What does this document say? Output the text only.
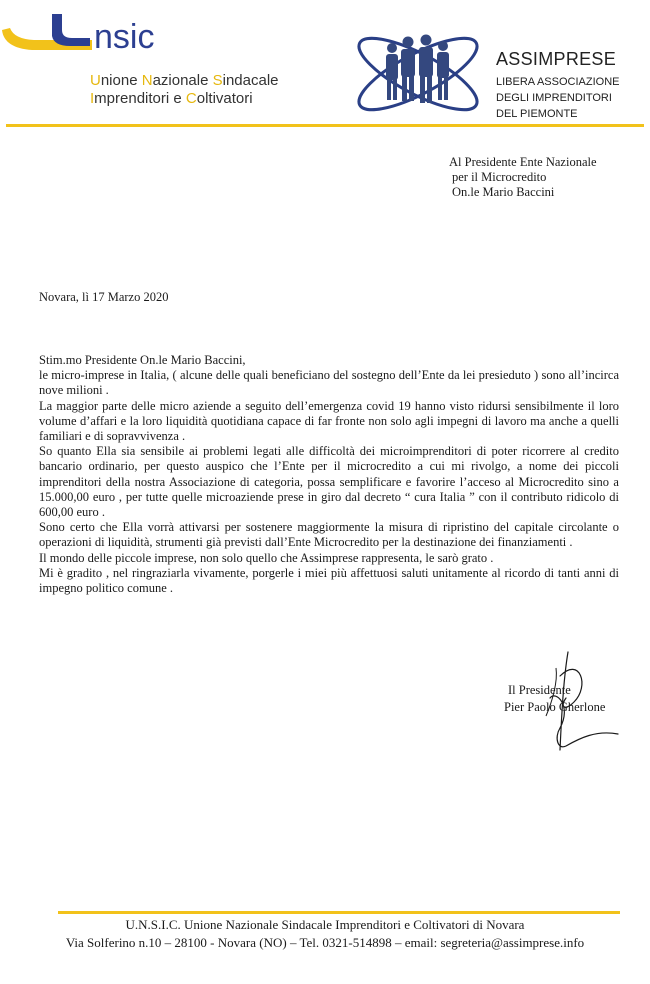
nsic
Unione Nazionale Sindacale
Imprenditori e Coltivatori
ASSIMPRESE
LIBERA ASSOCIAZIONE
DEGLI IMPRENDITORI
DEL PIEMONTE
Al Presidente Ente Nazionale
per il Microcredito
On.le Mario Baccini
Novara, lì 17 Marzo 2020

Stim.mo Presidente On.le Mario Baccini,

le micro-imprese in Italia, ( alcune delle quali beneficiano del sostegno dell’Ente da lei presieduto ) sono all’incirca nove milioni .

La maggior parte delle micro aziende a seguito dell’emergenza covid 19 hanno visto ridursi sensibilmente il loro volume d’affari e la loro liquidità quotidiana capace di far fronte non solo agli impegni di lavoro ma anche a quelli familiari e di sopravvivenza .

So quanto Ella sia sensibile ai problemi legati alle difficoltà dei microimprenditori di poter ricorrere al credito bancario ordinario, per questo auspico che l’Ente per il microcredito a cui mi rivolgo, a nome dei piccoli imprenditori della nostra Associazione di categoria, possa semplificare e favorire l’acceso al Microcredito sino a 15.000,00 euro , per tutte quelle microaziende prese in giro dal decreto “ cura Italia ” con il contributo ridicolo di 600,00 euro .

Sono certo che Ella vorrà attivarsi per sostenere maggiormente la misura di ripristino del capitale circolante o operazioni di liquidità, strumenti già previsti dall’Ente Microcredito per la destinazione dei finanziamenti .

Il mondo delle piccole imprese, non solo quello che Assimprese rappresenta, le sarò grato .

Mi è gradito , nel ringraziarla vivamente, porgerle i miei più affettuosi saluti unitamente al ricordo di tanti anni di impegno politico comune .

Il Presidente
Pier Paolo Gherlone
U.N.S.I.C. Unione Nazionale Sindacale Imprenditori e Coltivatori di Novara
Via Solferino n.10 – 28100 - Novara (NO) – Tel. 0321-514898 – email: segreteria@assimprese.info
